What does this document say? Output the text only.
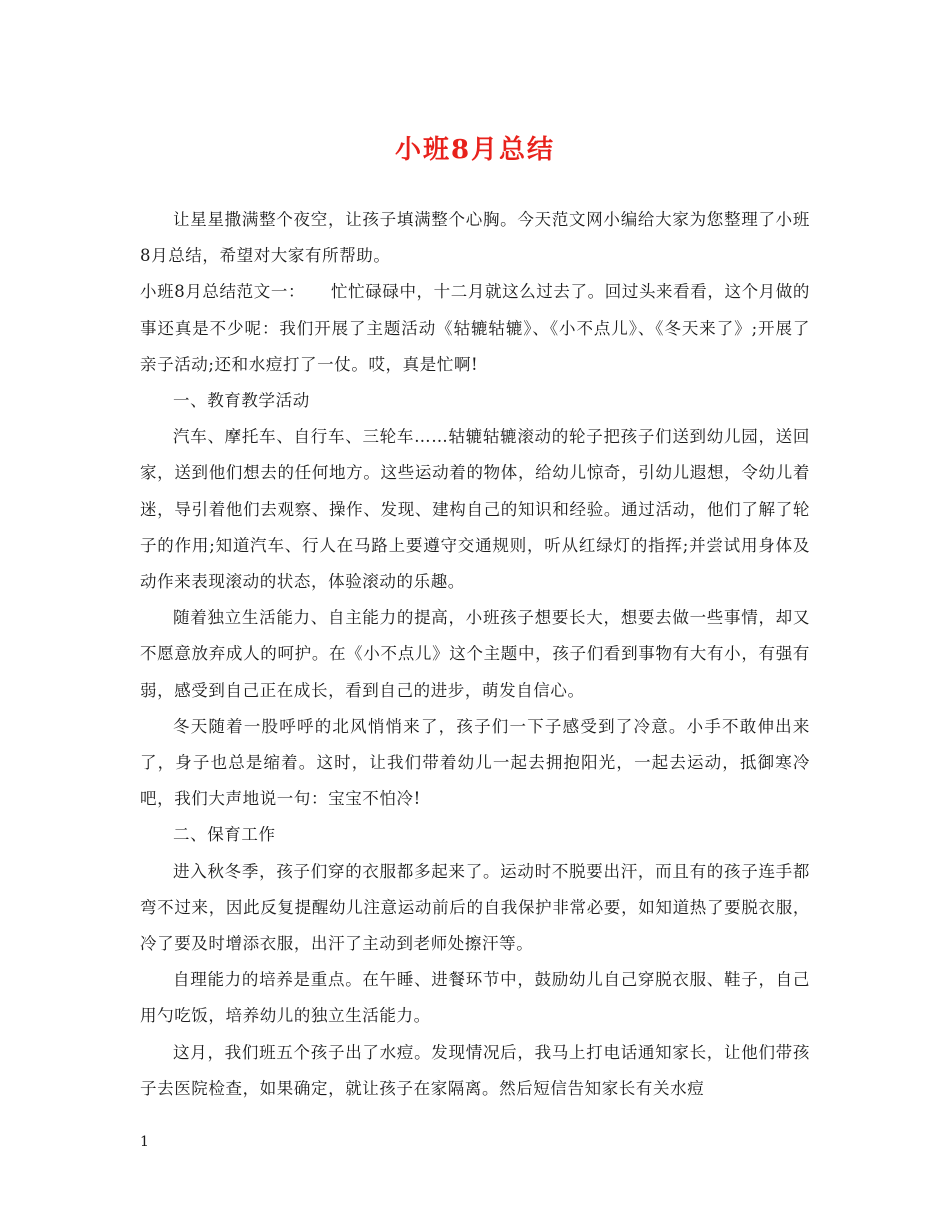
小班8月总结

让星星撒满整个夜空，让孩子填满整个心胸。今天范文网小编给大家为您整理了小班8月总结，希望对大家有所帮助。

小班8月总结范文一：　　忙忙碌碌中，十二月就这么过去了。回过头来看看，这个月做的事还真是不少呢：我们开展了主题活动《轱辘轱辘》、《小不点儿》、《冬天来了》;开展了亲子活动;还和水痘打了一仗。哎，真是忙啊!

一、教育教学活动

汽车、摩托车、自行车、三轮车……轱辘轱辘滚动的轮子把孩子们送到幼儿园，送回家，送到他们想去的任何地方。这些运动着的物体，给幼儿惊奇，引幼儿遐想，令幼儿着迷，导引着他们去观察、操作、发现、建构自己的知识和经验。通过活动，他们了解了轮子的作用;知道汽车、行人在马路上要遵守交通规则，听从红绿灯的指挥;并尝试用身体及动作来表现滚动的状态，体验滚动的乐趣。

随着独立生活能力、自主能力的提高，小班孩子想要长大，想要去做一些事情，却又不愿意放弃成人的呵护。在《小不点儿》这个主题中，孩子们看到事物有大有小，有强有弱，感受到自己正在成长，看到自己的进步，萌发自信心。

冬天随着一股呼呼的北风悄悄来了，孩子们一下子感受到了冷意。小手不敢伸出来了，身子也总是缩着。这时，让我们带着幼儿一起去拥抱阳光，一起去运动，抵御寒冷吧，我们大声地说一句：宝宝不怕冷!

二、保育工作

进入秋冬季，孩子们穿的衣服都多起来了。运动时不脱要出汗，而且有的孩子连手都弯不过来，因此反复提醒幼儿注意运动前后的自我保护非常必要，如知道热了要脱衣服，冷了要及时增添衣服，出汗了主动到老师处擦汗等。

自理能力的培养是重点。在午睡、进餐环节中，鼓励幼儿自己穿脱衣服、鞋子，自己用勺吃饭，培养幼儿的独立生活能力。

这月，我们班五个孩子出了水痘。发现情况后，我马上打电话通知家长，让他们带孩子去医院检查，如果确定，就让孩子在家隔离。然后短信告知家长有关水痘

1
